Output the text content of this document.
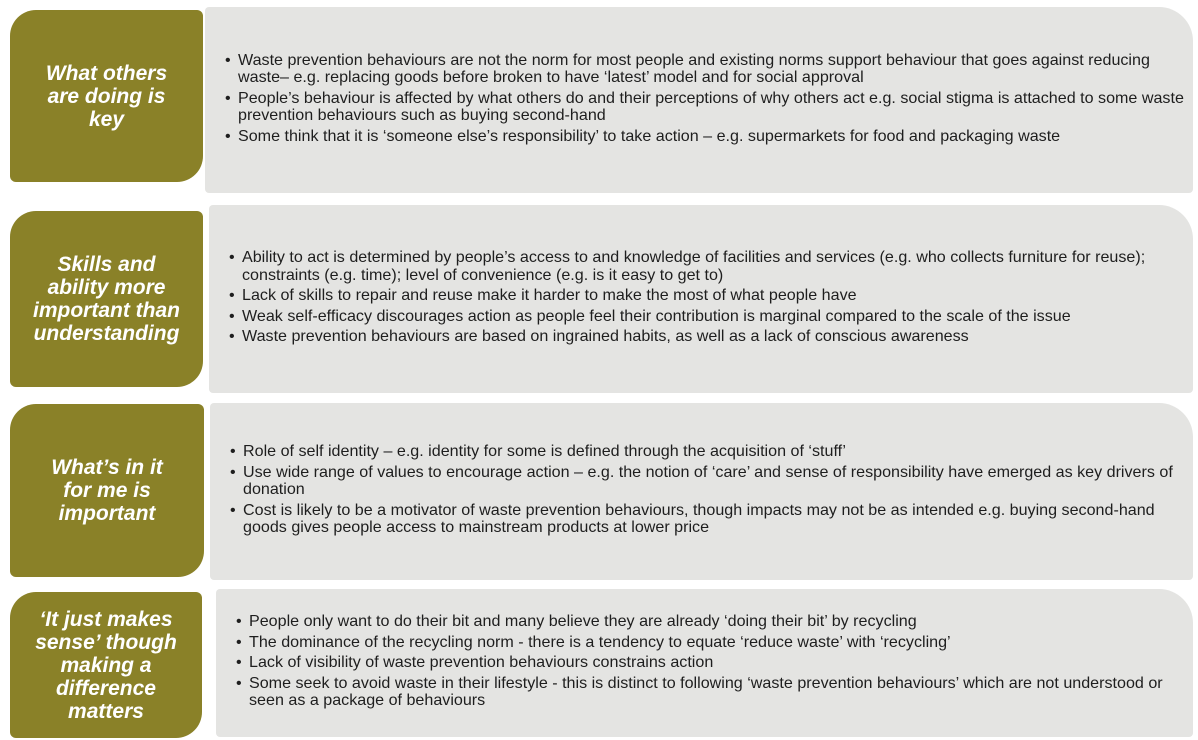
What others
are doing is
key

• Waste prevention behaviours are not the norm for most people and existing norms support behaviour that goes against reducing waste– e.g. replacing goods before broken to have ‘latest’ model and for social approval
• People’s behaviour is affected by what others do and their perceptions of why others act e.g. social stigma is attached to some waste prevention behaviours such as buying second-hand
• Some think that it is ‘someone else’s responsibility’ to take action – e.g. supermarkets for food and packaging waste

Skills and
ability more
important than
understanding

• Ability to act is determined by people’s access to and knowledge of facilities and services (e.g. who collects furniture for reuse); constraints (e.g. time); level of convenience (e.g. is it easy to get to)
• Lack of skills to repair and reuse make it harder to make the most of what people have
• Weak self-efficacy discourages action as people feel their contribution is marginal compared to the scale of the issue
• Waste prevention behaviours are based on ingrained habits, as well as a lack of conscious awareness

What’s in it
for me is
important

• Role of self identity – e.g. identity for some is defined through the acquisition of ‘stuff’
• Use wide range of values to encourage action – e.g. the notion of ‘care’ and sense of responsibility have emerged as key drivers of donation
• Cost is likely to be a motivator of waste prevention behaviours, though impacts may not be as intended e.g. buying second-hand goods gives people access to mainstream products at lower price

‘It just makes
sense’ though
making a
difference
matters

• People only want to do their bit and many believe they are already ‘doing their bit’ by recycling
• The dominance of the recycling norm - there is a tendency to equate ‘reduce waste’ with ‘recycling’
• Lack of visibility of waste prevention behaviours constrains action
• Some seek to avoid waste in their lifestyle - this is distinct to following ‘waste prevention behaviours’ which are not understood or seen as a package of behaviours
